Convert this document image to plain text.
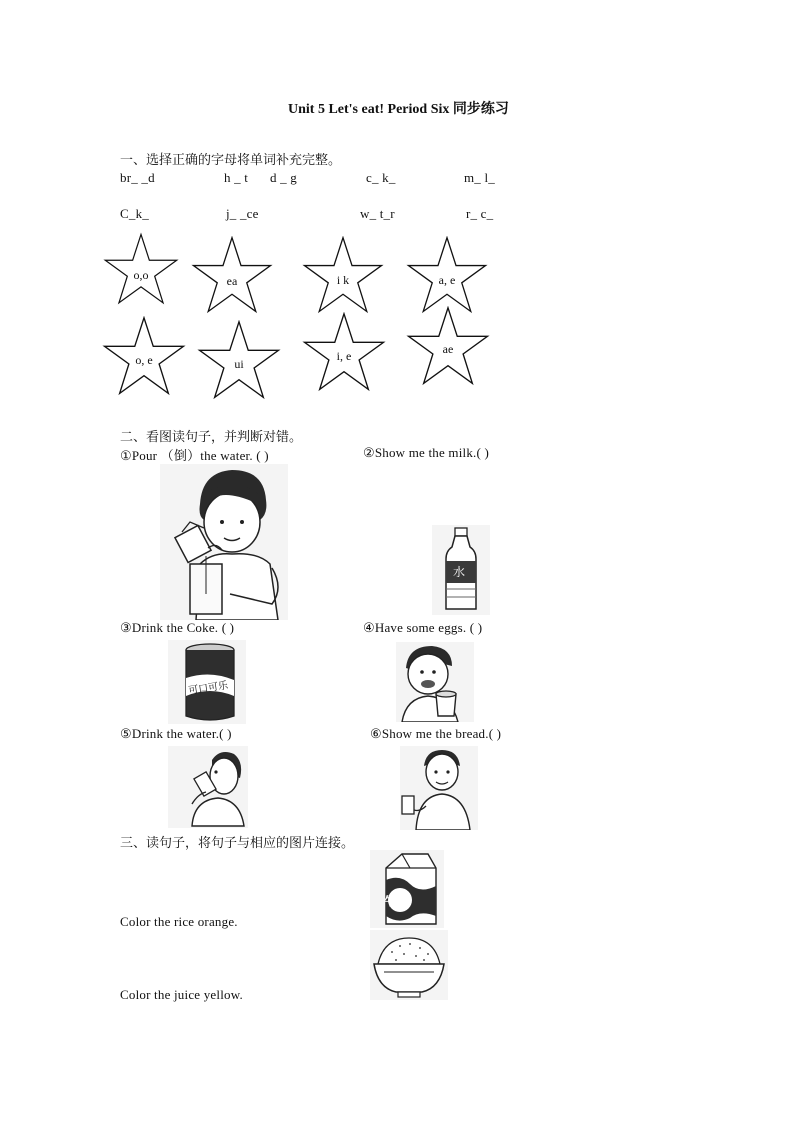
Unit 5 Let's eat! Period Six 同步练习
一、选择正确的字母将单词补充完整。
br_ _d	h _ t d _ g	c_ k_	m_ l_
C_k_	j_ _ce	w_ t_r	r_ c_
o,o	ea	i k	a, e
o, e	ui
i, e	ae
二、看图读句子，并判断对错。
①Pour （倒）the water. ( )	②Show me the milk.( )
水
③Drink the Coke. ( )	④Have some eggs. ( )
可口可乐
⑤Drink the water.( )	⑥Show me the bread.( )
三、读句子，将句子与相应的图片连接。
牛奶
Color the rice orange.
Color the juice yellow.
